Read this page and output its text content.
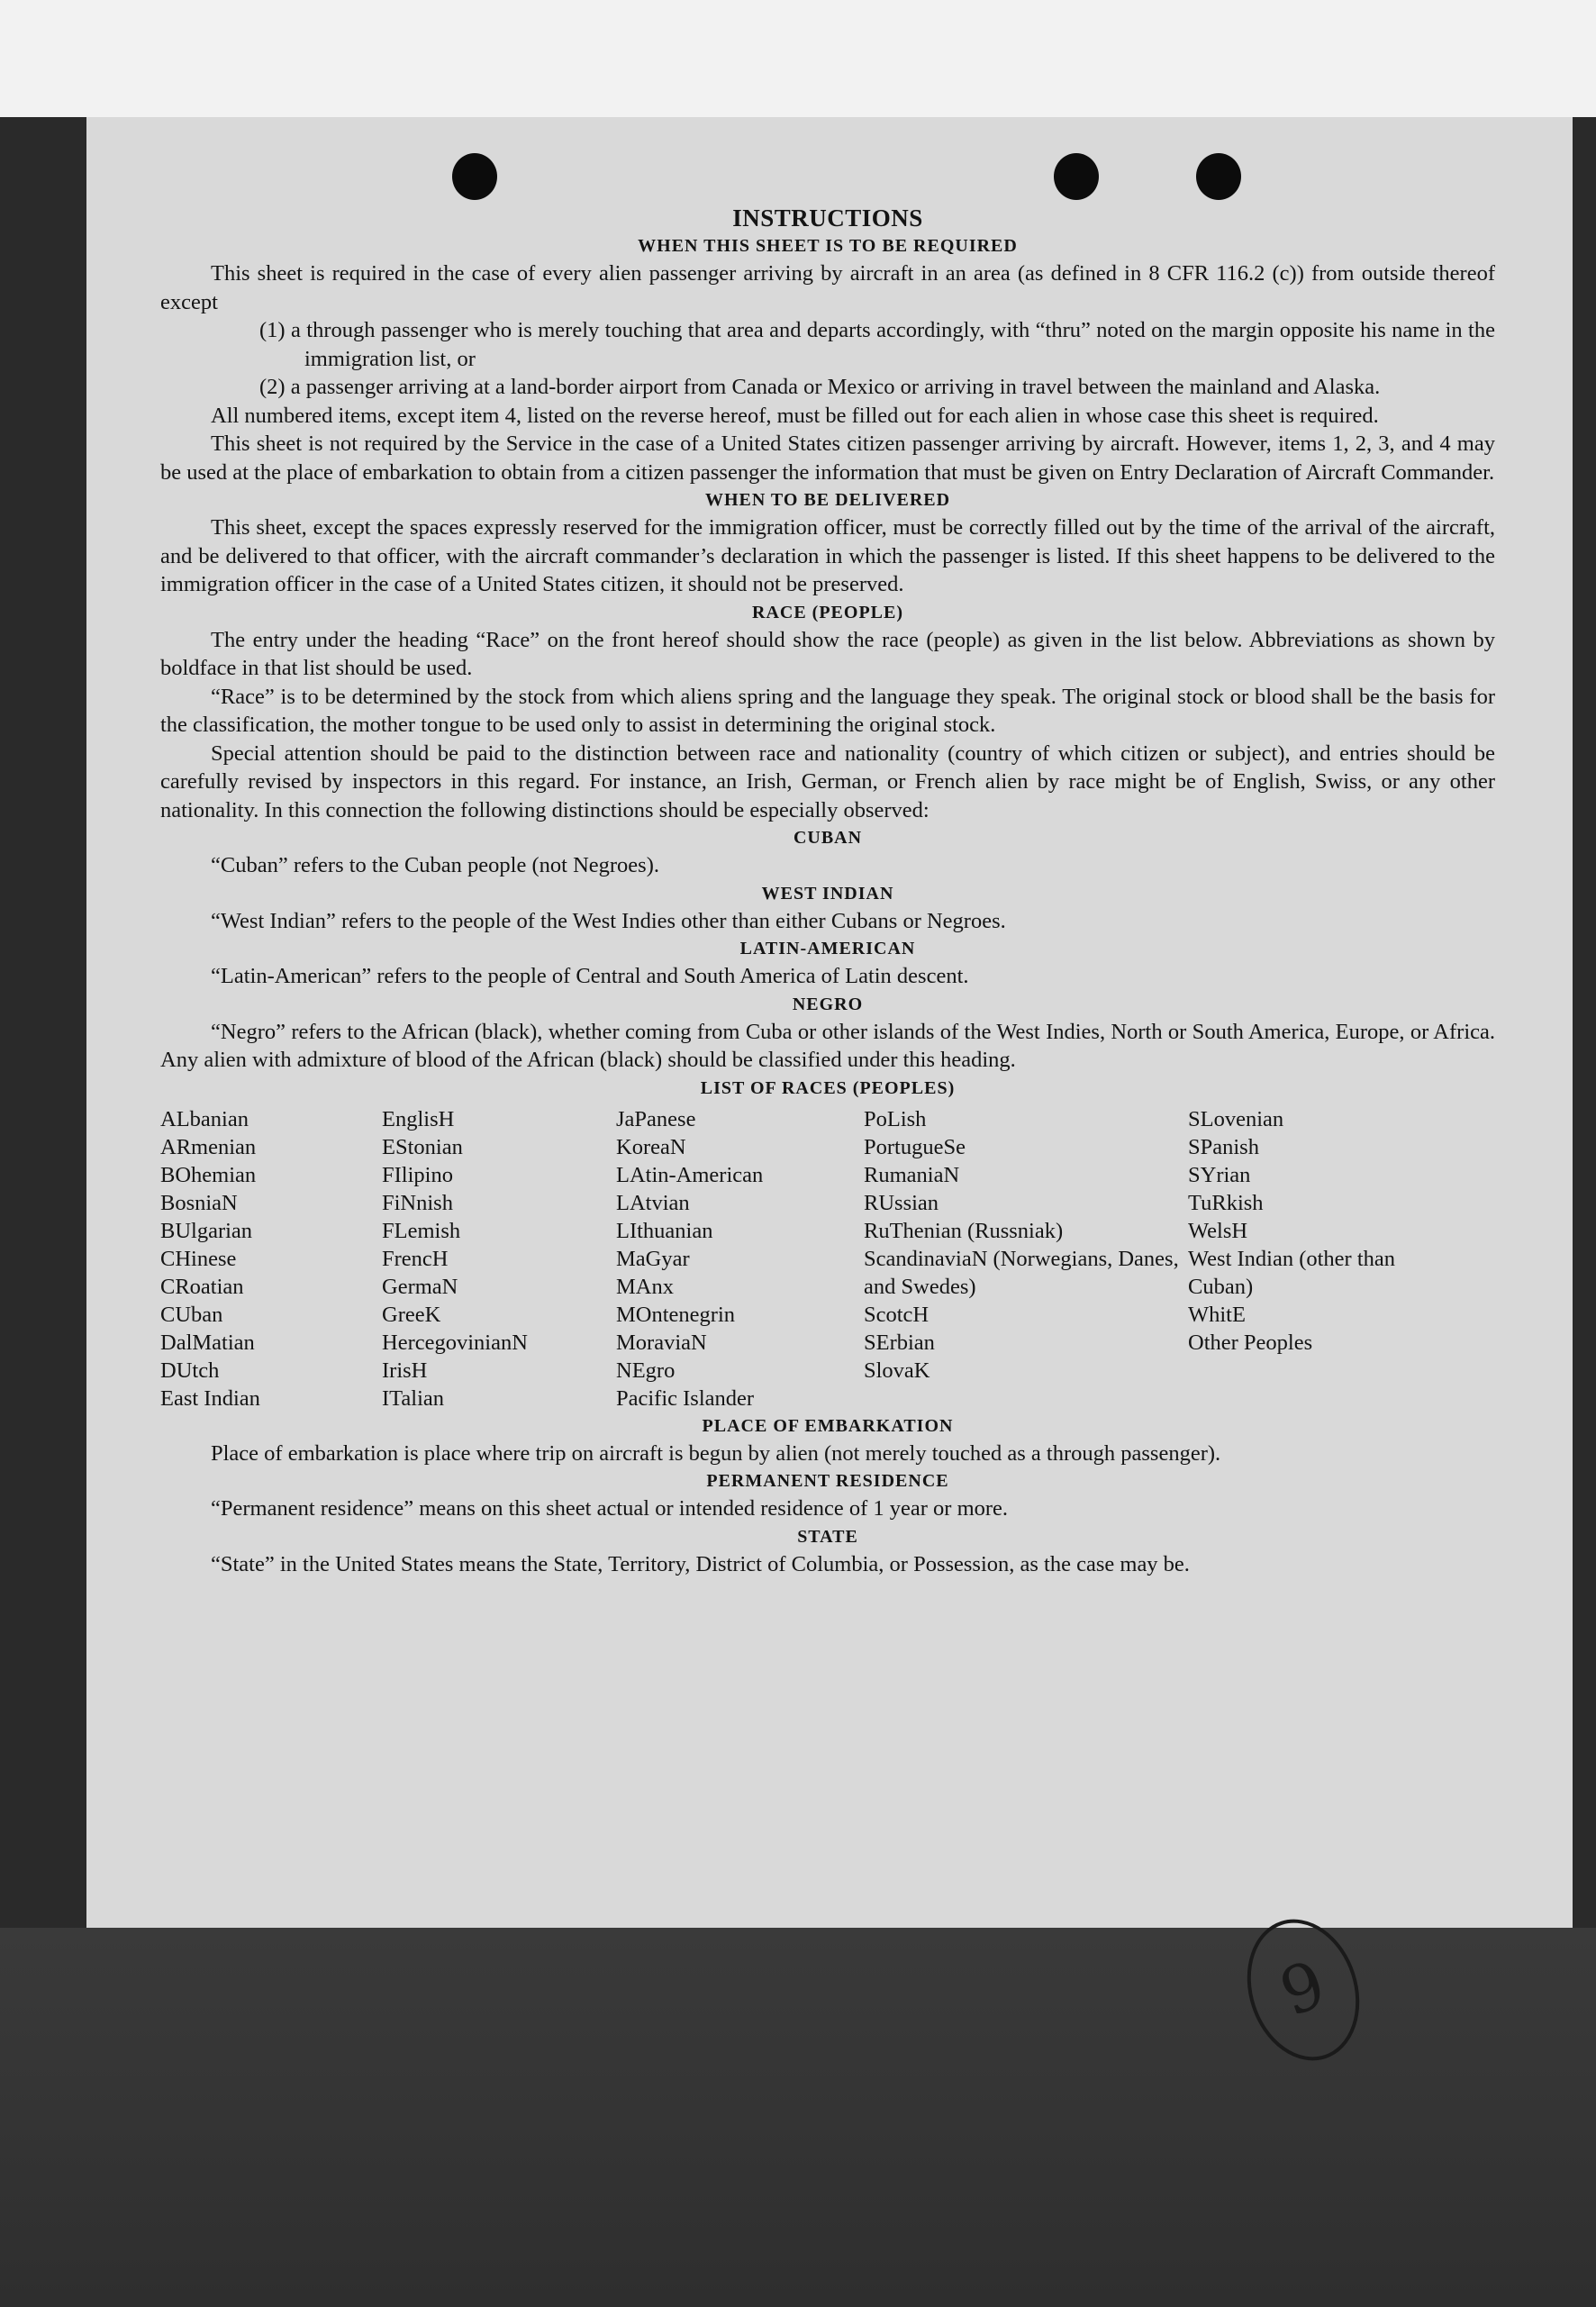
INSTRUCTIONS
WHEN THIS SHEET IS TO BE REQUIRED

This sheet is required in the case of every alien passenger arriving by aircraft in an area (as defined in 8 CFR 116.2 (c)) from outside thereof except

(1) a through passenger who is merely touching that area and departs accordingly, with “thru” noted on the margin opposite his name in the immigration list, or

(2) a passenger arriving at a land-border airport from Canada or Mexico or arriving in travel between the mainland and Alaska.

All numbered items, except item 4, listed on the reverse hereof, must be filled out for each alien in whose case this sheet is required.

This sheet is not required by the Service in the case of a United States citizen passenger arriving by aircraft. However, items 1, 2, 3, and 4 may be used at the place of embarkation to obtain from a citizen passenger the information that must be given on Entry Declaration of Aircraft Commander.

WHEN TO BE DELIVERED

This sheet, except the spaces expressly reserved for the immigration officer, must be correctly filled out by the time of the arrival of the aircraft, and be delivered to that officer, with the aircraft commander’s declaration in which the passenger is listed. If this sheet happens to be delivered to the immigration officer in the case of a United States citizen, it should not be preserved.

RACE (PEOPLE)

The entry under the heading “Race” on the front hereof should show the race (people) as given in the list below. Abbreviations as shown by boldface in that list should be used.

“Race” is to be determined by the stock from which aliens spring and the language they speak. The original stock or blood shall be the basis for the classification, the mother tongue to be used only to assist in determining the original stock.

Special attention should be paid to the distinction between race and nationality (country of which citizen or subject), and entries should be carefully revised by inspectors in this regard. For instance, an Irish, German, or French alien by race might be of English, Swiss, or any other nationality. In this connection the following distinctions should be especially observed:

CUBAN

“Cuban” refers to the Cuban people (not Negroes).

WEST INDIAN

“West Indian” refers to the people of the West Indies other than either Cubans or Negroes.

LATIN-AMERICAN

“Latin-American” refers to the people of Central and South America of Latin descent.

NEGRO

“Negro” refers to the African (black), whether coming from Cuba or other islands of the West Indies, North or South America, Europe, or Africa. Any alien with admixture of blood of the African (black) should be classified under this heading.

LIST OF RACES (PEOPLES)
ALbanian
ARmenian
BOhemian
BosniaN
BUlgarian
CHinese
CRoatian
CUban
DalMatian
DUtch
East Indian
EnglisH
EStonian
FIlipino
FiNnish
FLemish
FrencH
GermaN
GreeK
HercegovinianN
IrisH
ITalian
JaPanese
KoreaN
LAtin-American
LAtvian
LIthuanian
MaGyar
MAnx
MOntenegrin
MoraviaN
NEgro
Pacific Islander
PoLish
PortugueSe
RumaniaN
RUssian
RuThenian (Russniak)
ScandinaviaN (Norwegians, Danes, and Swedes)
ScotcH
SErbian
SlovaK
SLovenian
SPanish
SYrian
TuRkish
WelsH
West Indian (other than Cuban)
WhitE
Other Peoples
PLACE OF EMBARKATION

Place of embarkation is place where trip on aircraft is begun by alien (not merely touched as a through passenger).

PERMANENT RESIDENCE

“Permanent residence” means on this sheet actual or intended residence of 1 year or more.

STATE

“State” in the United States means the State, Territory, District of Columbia, or Possession, as the case may be.

9
